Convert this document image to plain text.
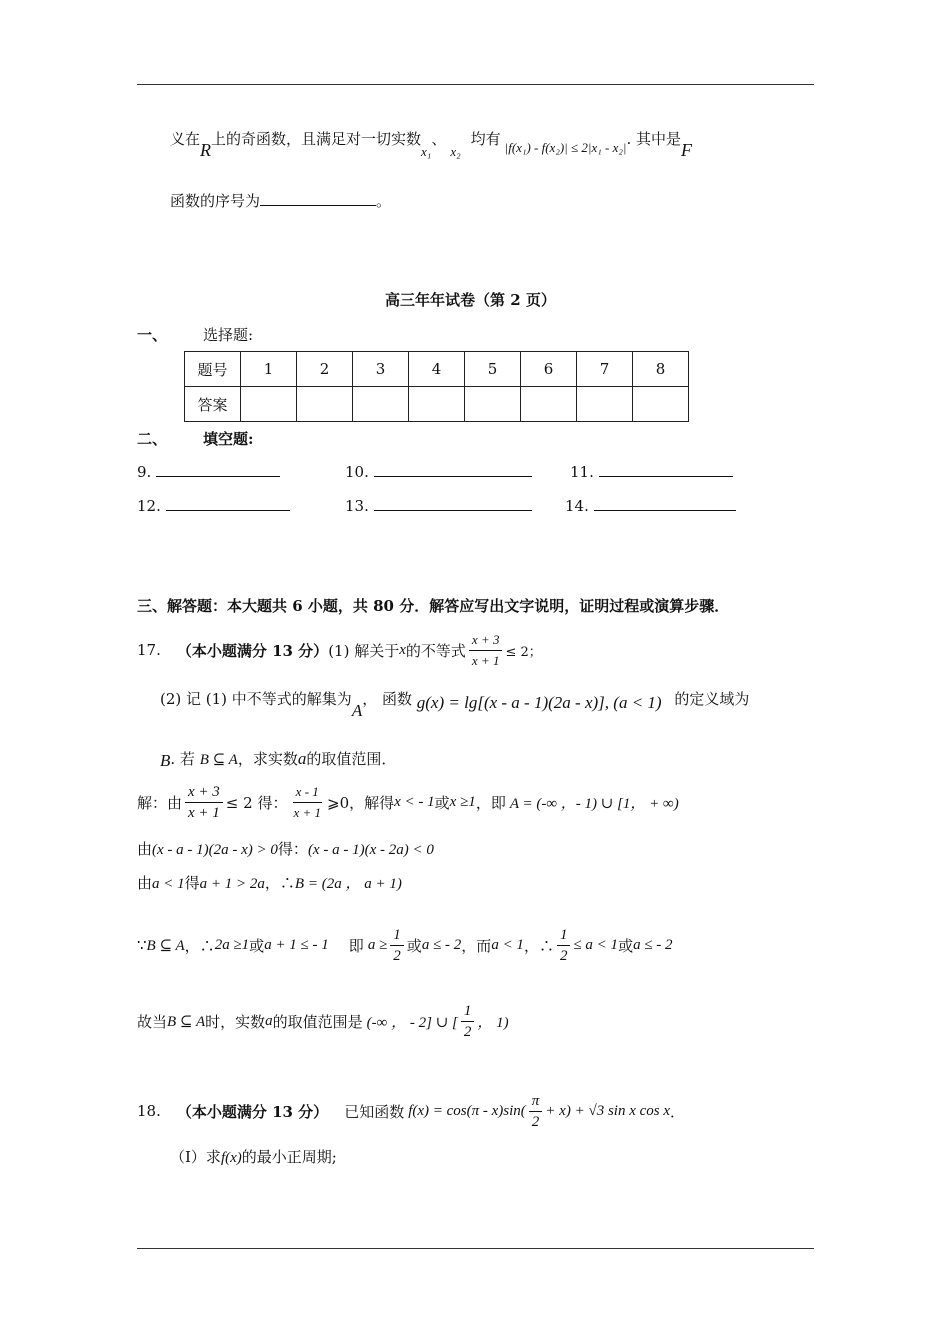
义在R上的奇函数，且满足对一切实数x₁、x₂均有 |f(x₁) - f(x₂)| ≤ 2|x₁ - x₂|. 其中是F
函数的序号为	。
高三年年试卷（第 2 页）
一、 选择题:
题号	1	2	3	4	5	6	7	8
答案								
二、 填空题:
9.	10.	11.
12.	13.	14.
三、解答题：本大题共 6 小题，共 80 分．解答应写出文字说明，证明过程或演算步骤．
17. （本小题满分 13 分） (1) 解关于 x 的不等式 $\frac{x + 3}{x + 1} \le 2$；
(2) 记 (1) 中不等式的解集为A， 函数 g(x) = lg[(x - a - 1)(2a - x)], (a < 1) 的定义域为
B. 若 B ⊆ A，求实数a的取值范围．
解：由 $\frac{x + 3}{x + 1} \le 2$ 得： $\frac{x - 1}{x + 1}$ ⩾0，解得 x < - 1 或 x ≥1 ，即 A = (-∞ ，- 1) ∪ [1， + ∞)
由(x - a - 1)(2a - x) > 0得：(x - a - 1)(x - 2a) < 0
由a < 1得a + 1 > 2a，∴B = (2a ， a + 1)
∵ B ⊆ A ，∴ 2a ≥1 或 a + 1 ≤ - 1 即 $a \ge \frac{1}{2}$ 或 a ≤ - 2 ，而 a < 1 ，∴ $\frac{1}{2} \le a < 1$ 或 a ≤ - 2
故当 B ⊆ A 时，实数 a 的取值范围是 (-∞ ， - 2] ∪ [ $\frac{1}{2}$ ， 1)
18. （本小题满分 13 分） 已知函数 $f(x) = \cos(\pi - x)\sin( \frac{\pi}{2} + x) + √3$ sin x cos x ．
（Ⅰ）求f(x)的最小正周期;
